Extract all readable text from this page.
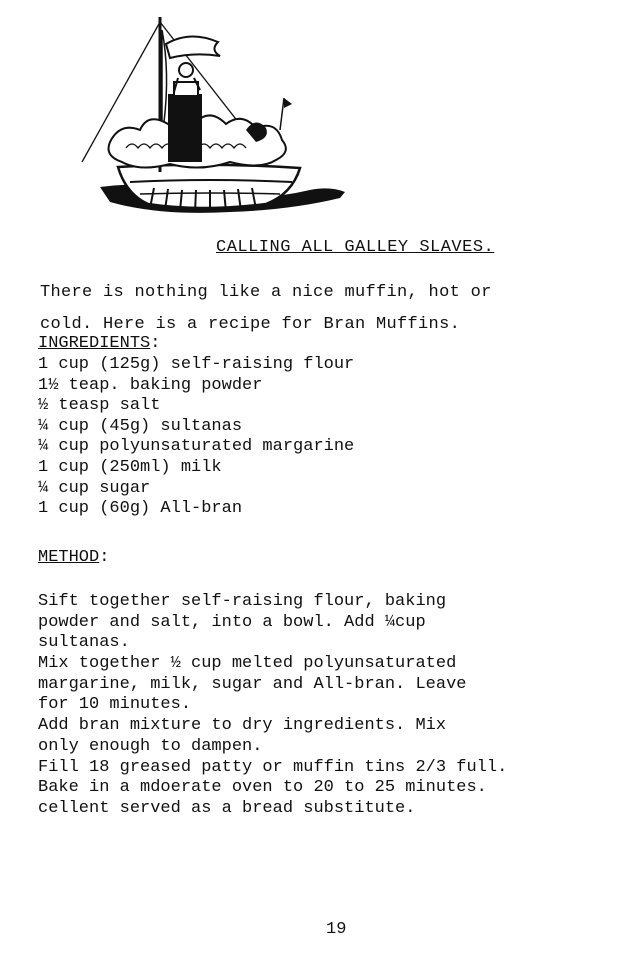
CALLING ALL GALLEY SLAVES.
There is nothing like a nice muffin, hot or
cold. Here is a recipe for Bran Muffins.
INGREDIENTS:
1 cup (125g) self-raising flour
1½ teap. baking powder
½ teasp salt
¼ cup (45g) sultanas
¼ cup polyunsaturated margarine
1 cup (250ml) milk
¼ cup sugar
1 cup (60g) All-bran
METHOD:
Sift together self-raising flour, baking
powder and salt, into a bowl. Add ¼cup
sultanas.
Mix together ½ cup melted polyunsaturated
margarine, milk, sugar and All-bran. Leave
for 10 minutes.
Add bran mixture to dry ingredients. Mix
only enough to dampen.
Fill 18 greased patty or muffin tins 2/3 full.
Bake in a mdoerate oven to 20 to 25 minutes.
cellent served as a bread substitute.
19
